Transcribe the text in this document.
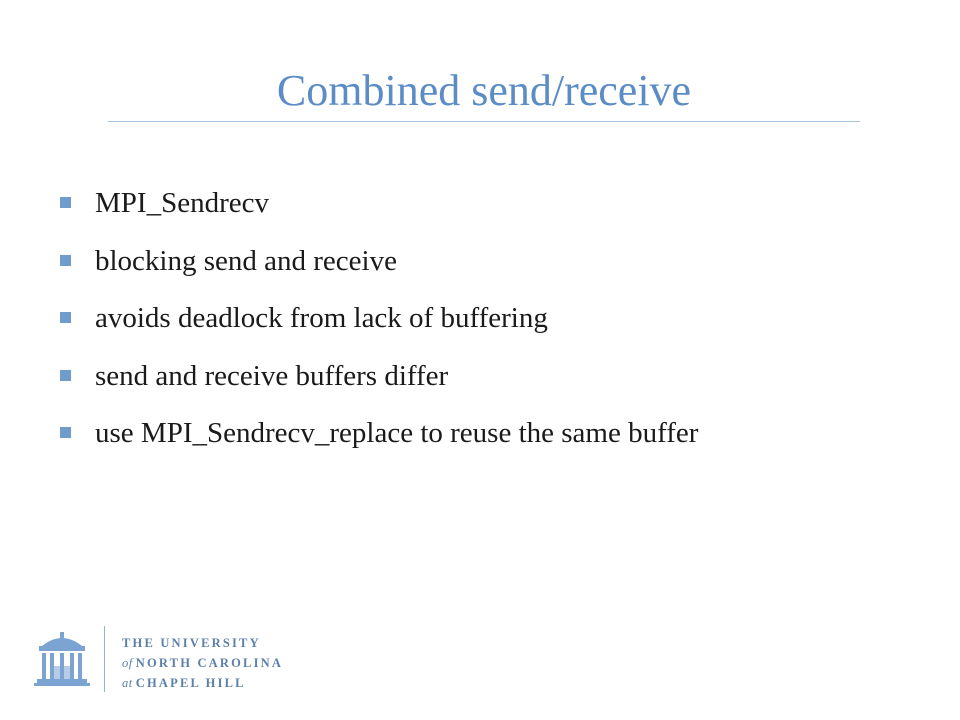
Combined send/receive
MPI_Sendrecv
blocking send and receive
avoids deadlock from lack of buffering
send and receive buffers differ
use MPI_Sendrecv_replace to reuse the same buffer
THE UNIVERSITY
of NORTH CAROLINA
at CHAPEL HILL
